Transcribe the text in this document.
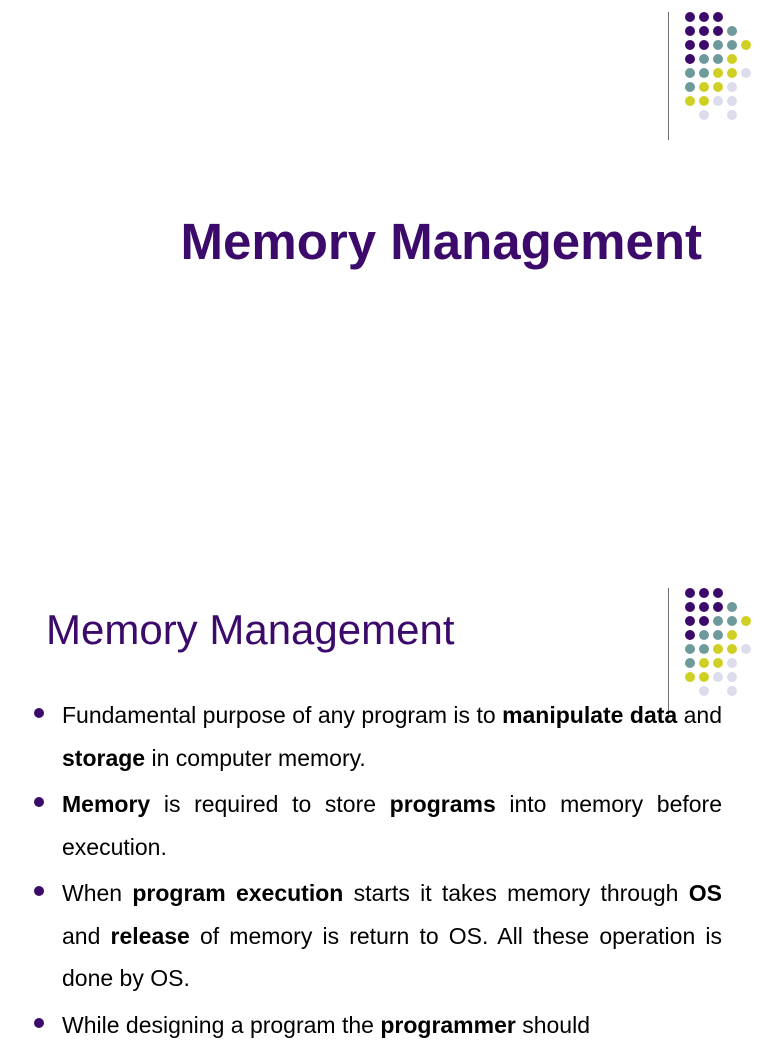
Memory Management
Memory Management

Fundamental purpose of any program is to manipulate data and storage in computer memory.

Memory is required to store programs into memory before execution.

When program execution starts it takes memory through OS and release of memory is return to OS. All these operation is done by OS.

While designing a program the programmer should
